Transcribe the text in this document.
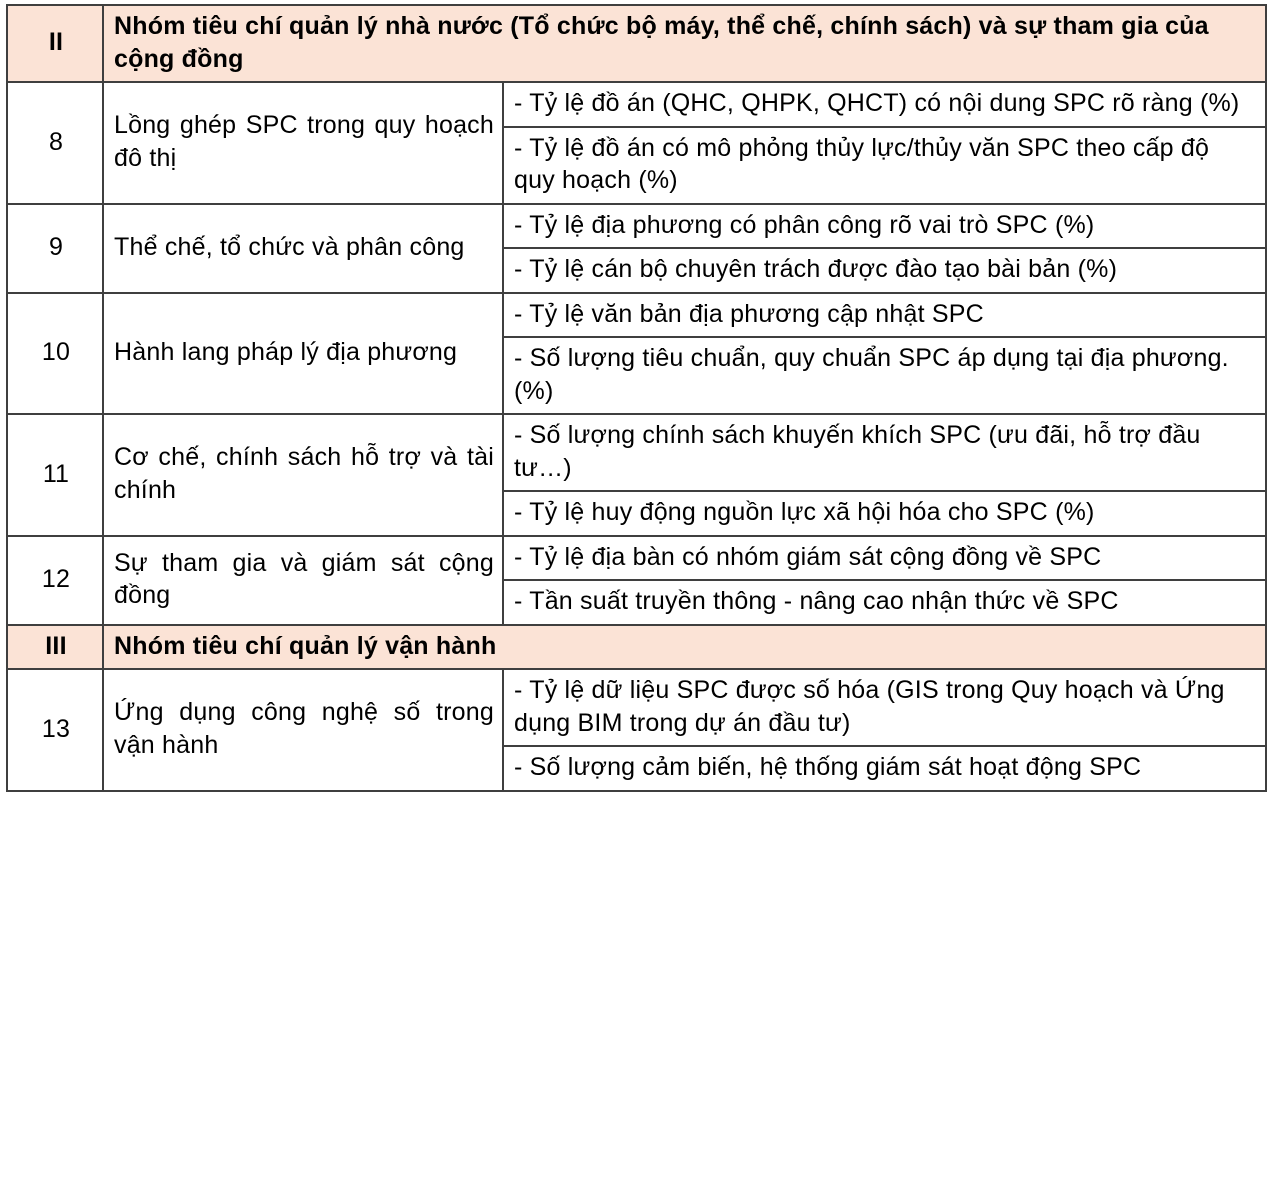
II	Nhóm tiêu chí quản lý nhà nước (Tổ chức bộ máy, thể chế, chính sách) và sự tham gia của cộng đồng	
8	Lồng ghép SPC trong quy hoạch đô thị	- Tỷ lệ đồ án (QHC, QHPK, QHCT) có nội dung SPC rõ ràng (%)
		- Tỷ lệ đồ án có mô phỏng thủy lực/thủy văn SPC theo cấp độ quy hoạch (%)
9	Thể chế, tổ chức và phân công	- Tỷ lệ địa phương có phân công rõ vai trò SPC (%)
		- Tỷ lệ cán bộ chuyên trách được đào tạo bài bản (%)
10	Hành lang pháp lý địa phương	- Tỷ lệ văn bản địa phương cập nhật SPC
		- Số lượng tiêu chuẩn, quy chuẩn SPC áp dụng tại địa phương. (%)
11	Cơ chế, chính sách hỗ trợ và tài chính	- Số lượng chính sách khuyến khích SPC (ưu đãi, hỗ trợ đầu tư…)
		- Tỷ lệ huy động nguồn lực xã hội hóa cho SPC (%)
12	Sự tham gia và giám sát cộng đồng	- Tỷ lệ địa bàn có nhóm giám sát cộng đồng về SPC
		- Tần suất truyền thông - nâng cao nhận thức về SPC
III	Nhóm tiêu chí quản lý vận hành	
13	Ứng dụng công nghệ số trong vận hành	- Tỷ lệ dữ liệu SPC được số hóa (GIS trong Quy hoạch và Ứng dụng BIM trong dự án đầu tư)
		- Số lượng cảm biến, hệ thống giám sát hoạt động SPC
